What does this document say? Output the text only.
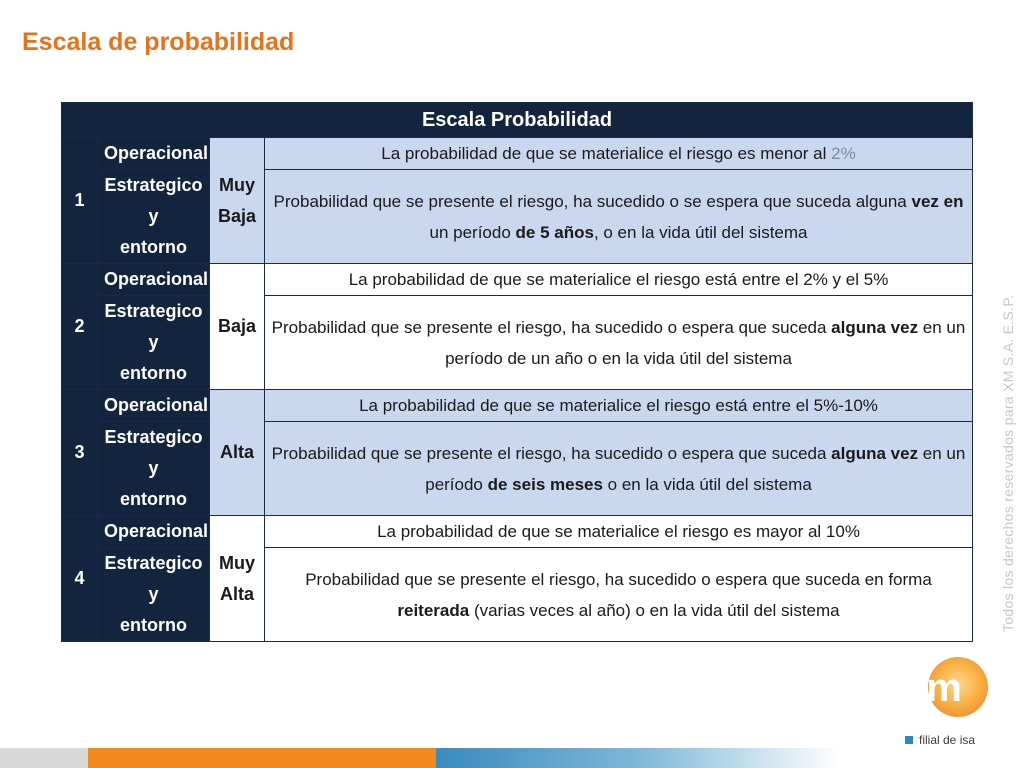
Escala de probabilidad
Escala Probabilidad			
1	Operacional	Muy
Baja	La probabilidad de que se materialice el riesgo es menor al 2%
	Estrategico y
entorno		Probabilidad que se presente el riesgo, ha sucedido o se espera que suceda alguna vez en un período de 5 años, o en la vida útil del sistema
2	Operacional	Baja	La probabilidad de que se materialice el riesgo está entre el 2% y el 5%
	Estrategico y
entorno		Probabilidad que se presente el riesgo, ha sucedido o espera que suceda alguna vez en un período de un año o en la vida útil del sistema
3	Operacional	Alta	La probabilidad de que se materialice el riesgo está entre el 5%-10%
	Estrategico y
entorno		Probabilidad que se presente el riesgo, ha sucedido o espera que suceda alguna vez en un período de seis meses o en la vida útil del sistema
4	Operacional	Muy
Alta	La probabilidad de que se materialice el riesgo es mayor al 10%
	Estrategico y
entorno		Probabilidad que se presente el riesgo, ha sucedido o espera que suceda en forma reiterada (varias veces al año) o en la vida útil del sistema	Todos los derechos reservados para XM S.A. E.S.P.
xm
filial de isa
